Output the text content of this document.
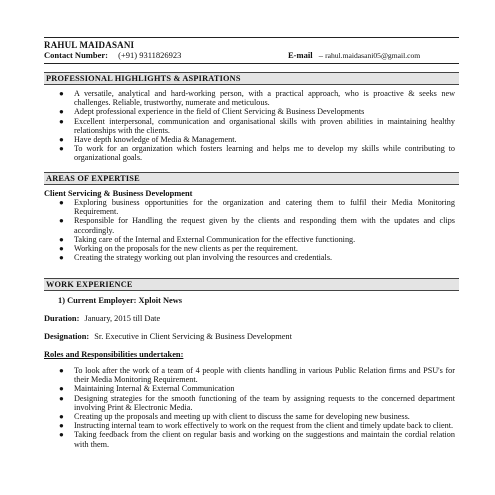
RAHUL MAIDASANI
Contact Number: (+91) 9311826923	E-mail – rahul.maidasani05@gmail.com
PROFESSIONAL HIGHLIGHTS & ASPIRATIONS
● A versatile, analytical and hard-working person, with a practical approach, who is proactive & seeks new challenges. Reliable, trustworthy, numerate and meticulous.
● Adept professional experience in the field of Client Servicing & Business Developments
● Excellent interpersonal, communication and organisational skills with proven abilities in maintaining healthy relationships with the clients.
● Have depth knowledge of Media & Management.
● To work for an organization which fosters learning and helps me to develop my skills while contributing to organizational goals.
AREAS OF EXPERTISE
Client Servicing & Business Development
● Exploring business opportunities for the organization and catering them to fulfil their Media Monitoring Requirement.
● Responsible for Handling the request given by the clients and responding them with the updates and clips accordingly.
● Taking care of the Internal and External Communication for the effective functioning.
● Working on the proposals for the new clients as per the requirement.
● Creating the strategy working out plan involving the resources and credentials.
WORK EXPERIENCE
1) Current Employer: Xploit News
Duration: January, 2015 till Date
Designation: Sr. Executive in Client Servicing & Business Development
Roles and Responsibilities undertaken:
● To look after the work of a team of 4 people with clients handling in various Public Relation firms and PSU's for their Media Monitoring Requirement.
● Maintaining Internal & External Communication
● Designing strategies for the smooth functioning of the team by assigning requests to the concerned department involving Print & Electronic Media.
● Creating up the proposals and meeting up with client to discuss the same for developing new business.
● Instructing internal team to work effectively to work on the request from the client and timely update back to client.
● Taking feedback from the client on regular basis and working on the suggestions and maintain the cordial relation with them.
